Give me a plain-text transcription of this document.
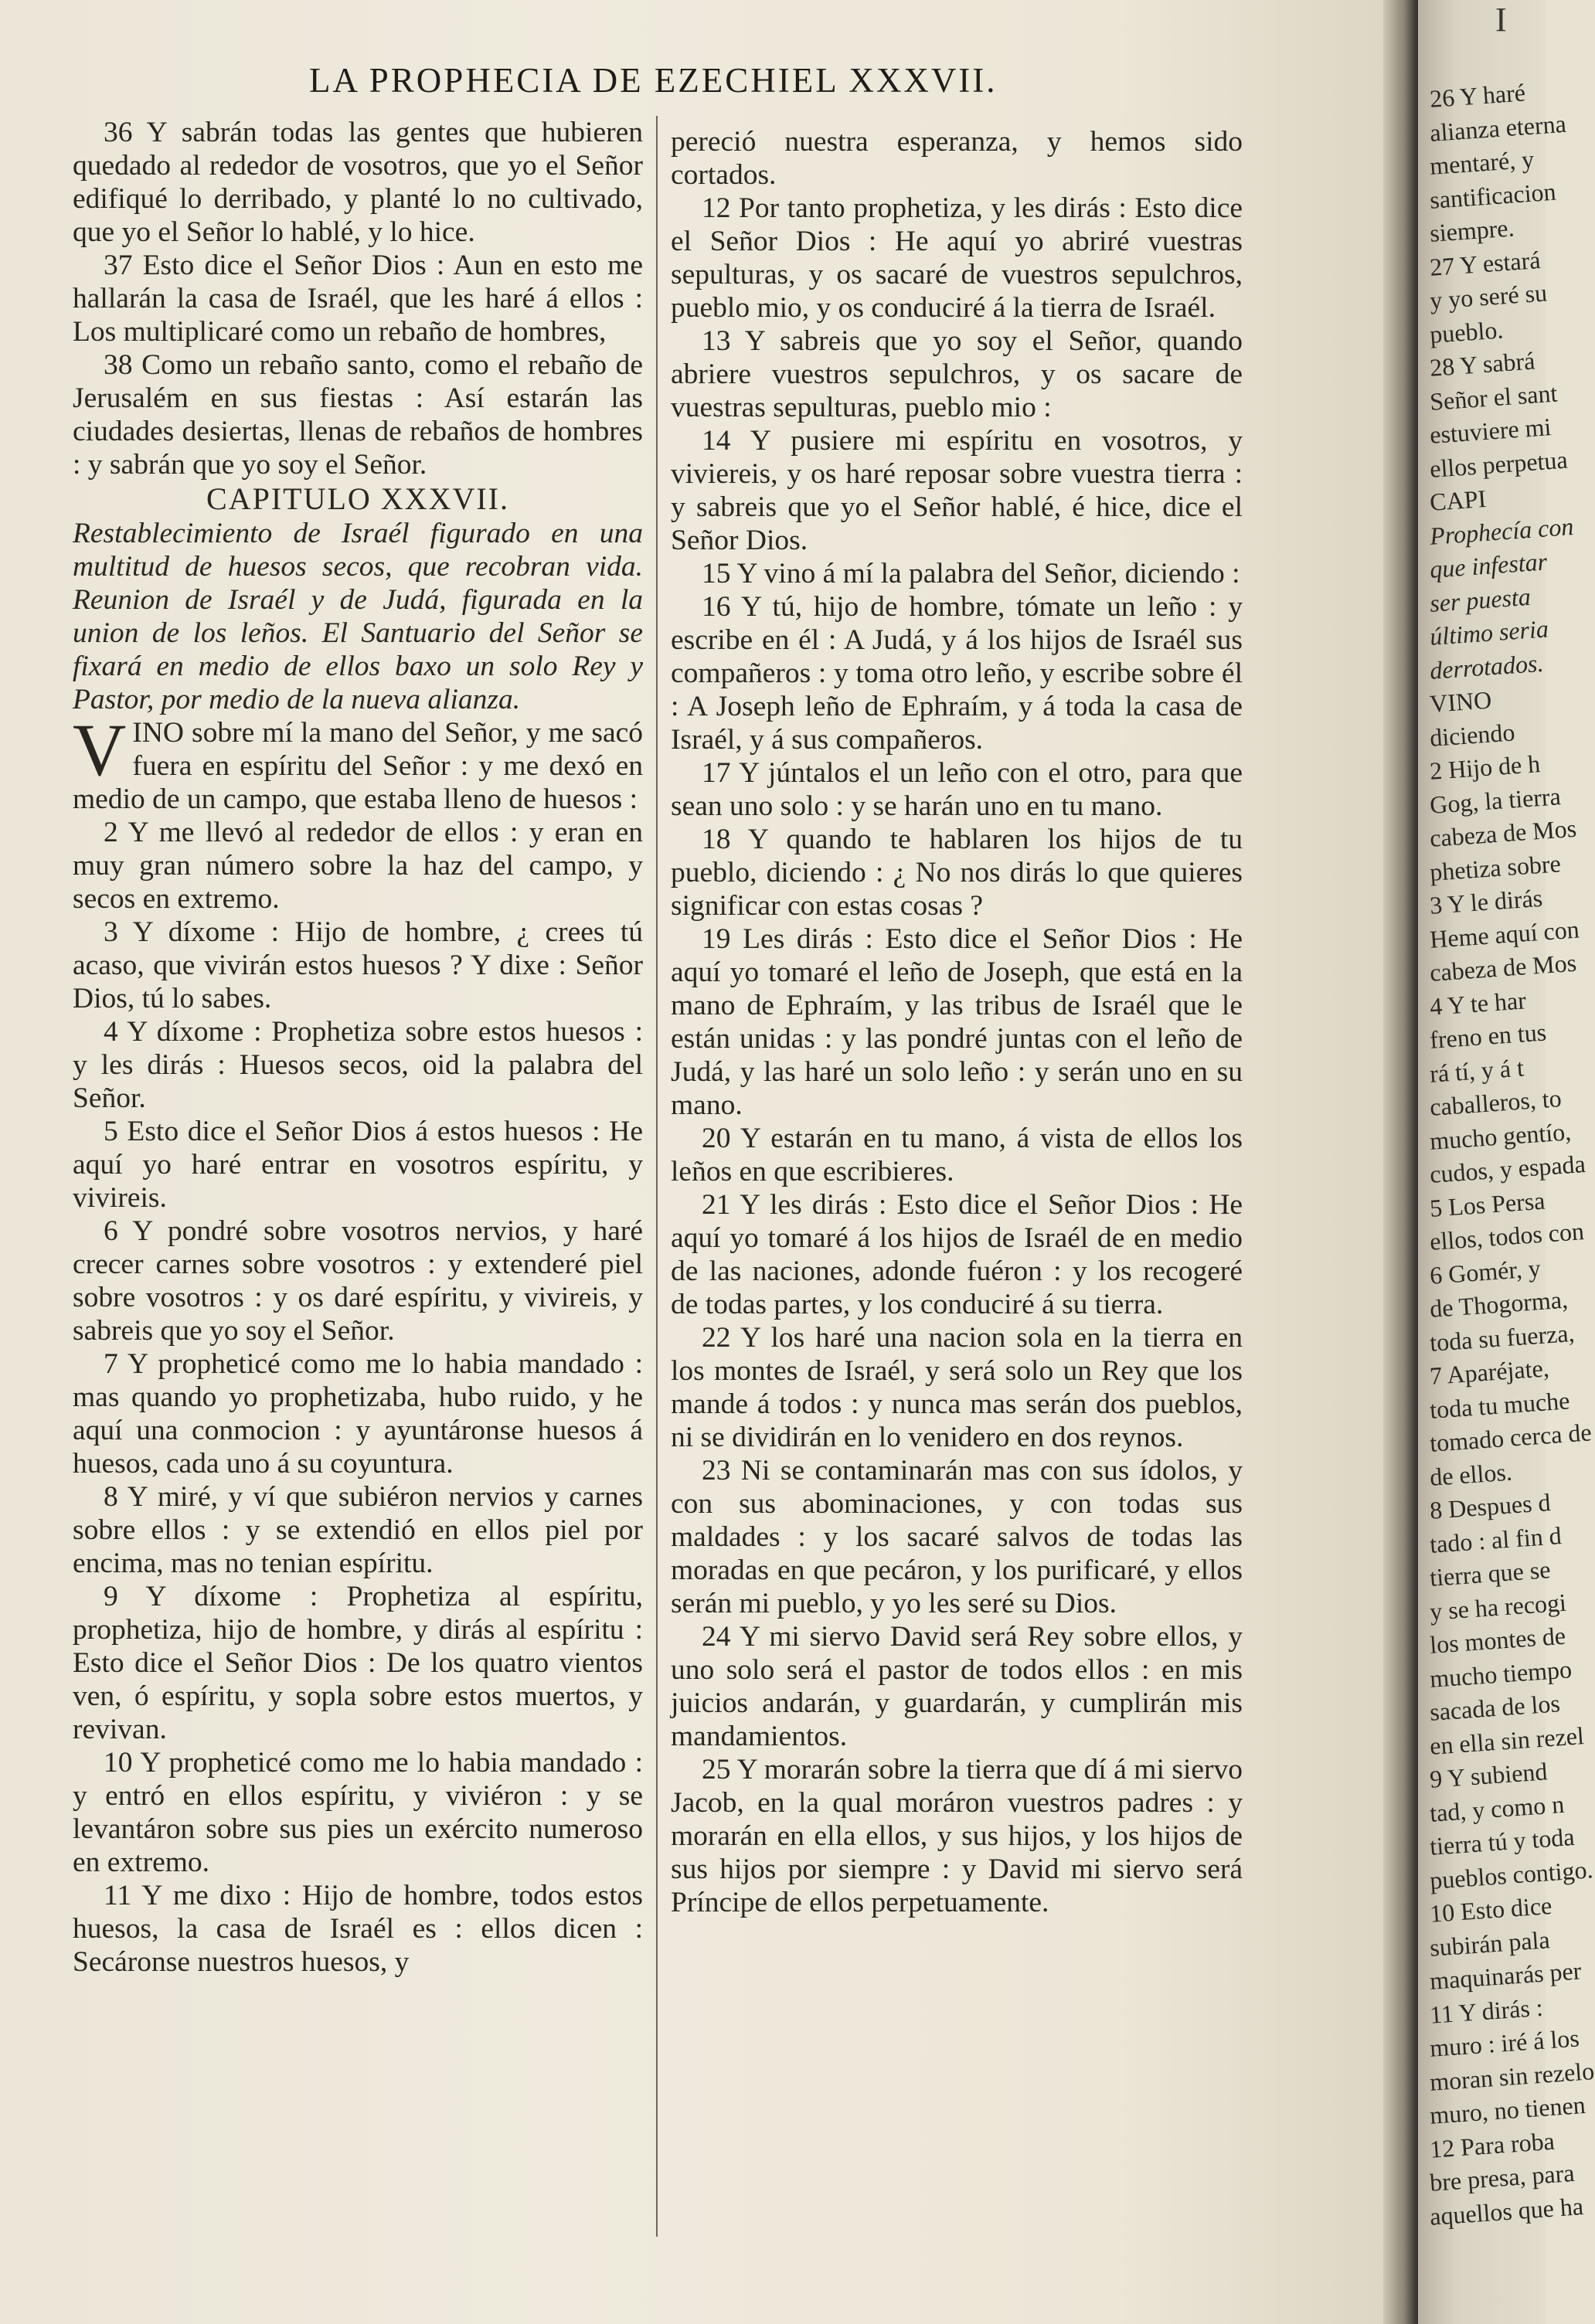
LA PROPHECIA DE EZECHIEL XXXVII.

36 Y sabrán todas las gentes que hubieren quedado al rededor de vosotros, que yo el Señor edifiqué lo derribado, y planté lo no cultivado, que yo el Señor lo hablé, y lo hice.

37 Esto dice el Señor Dios : Aun en esto me hallarán la casa de Israél, que les haré á ellos : Los multiplicaré como un rebaño de hombres,

38 Como un rebaño santo, como el rebaño de Jerusalém en sus fiestas : Así estarán las ciudades desiertas, llenas de rebaños de hombres : y sabrán que yo soy el Señor.

CAPITULO XXXVII.

Restablecimiento de Israél figurado en una multitud de huesos secos, que recobran vida. Reunion de Israél y de Judá, figurada en la union de los leños. El Santuario del Señor se fixará en medio de ellos baxo un solo Rey y Pastor, por medio de la nueva alianza.

VINO sobre mí la mano del Señor, y me sacó fuera en espíritu del Señor : y me dexó en medio de un campo, que estaba lleno de huesos :

2 Y me llevó al rededor de ellos : y eran en muy gran número sobre la haz del campo, y secos en extremo.

3 Y díxome : Hijo de hombre, ¿ crees tú acaso, que vivirán estos huesos ? Y dixe : Señor Dios, tú lo sabes.

4 Y díxome : Prophetiza sobre estos huesos : y les dirás : Huesos secos, oid la palabra del Señor.

5 Esto dice el Señor Dios á estos huesos : He aquí yo haré entrar en vosotros espíritu, y vivireis.

6 Y pondré sobre vosotros nervios, y haré crecer carnes sobre vosotros : y extenderé piel sobre vosotros : y os daré espíritu, y vivireis, y sabreis que yo soy el Señor.

7 Y propheticé como me lo habia mandado : mas quando yo prophetizaba, hubo ruido, y he aquí una conmocion : y ayuntáronse huesos á huesos, cada uno á su coyuntura.

8 Y miré, y ví que subiéron nervios y carnes sobre ellos : y se extendió en ellos piel por encima, mas no tenian espíritu.

9 Y díxome : Prophetiza al espíritu, prophetiza, hijo de hombre, y dirás al espíritu : Esto dice el Señor Dios : De los quatro vientos ven, ó espíritu, y sopla sobre estos muertos, y revivan.

10 Y propheticé como me lo habia mandado : y entró en ellos espíritu, y viviéron : y se levantáron sobre sus pies un exército numeroso en extremo.

11 Y me dixo : Hijo de hombre, todos estos huesos, la casa de Israél es : ellos dicen : Secáronse nuestros huesos, y

pereció nuestra esperanza, y hemos sido cortados.

12 Por tanto prophetiza, y les dirás : Esto dice el Señor Dios : He aquí yo abriré vuestras sepulturas, y os sacaré de vuestros sepulchros, pueblo mio, y os conduciré á la tierra de Israél.

13 Y sabreis que yo soy el Señor, quando abriere vuestros sepulchros, y os sacare de vuestras sepulturas, pueblo mio :

14 Y pusiere mi espíritu en vosotros, y viviereis, y os haré reposar sobre vuestra tierra : y sabreis que yo el Señor hablé, é hice, dice el Señor Dios.

15 Y vino á mí la palabra del Señor, diciendo :

16 Y tú, hijo de hombre, tómate un leño : y escribe en él : A Judá, y á los hijos de Israél sus compañeros : y toma otro leño, y escribe sobre él : A Joseph leño de Ephraím, y á toda la casa de Israél, y á sus compañeros.

17 Y júntalos el un leño con el otro, para que sean uno solo : y se harán uno en tu mano.

18 Y quando te hablaren los hijos de tu pueblo, diciendo : ¿ No nos dirás lo que quieres significar con estas cosas ?

19 Les dirás : Esto dice el Señor Dios : He aquí yo tomaré el leño de Joseph, que está en la mano de Ephraím, y las tribus de Israél que le están unidas : y las pondré juntas con el leño de Judá, y las haré un solo leño : y serán uno en su mano.

20 Y estarán en tu mano, á vista de ellos los leños en que escribieres.

21 Y les dirás : Esto dice el Señor Dios : He aquí yo tomaré á los hijos de Israél de en medio de las naciones, adonde fuéron : y los recogeré de todas partes, y los conduciré á su tierra.

22 Y los haré una nacion sola en la tierra en los montes de Israél, y será solo un Rey que los mande á todos : y nunca mas serán dos pueblos, ni se dividirán en lo venidero en dos reynos.

23 Ni se contaminarán mas con sus ídolos, y con sus abominaciones, y con todas sus maldades : y los sacaré salvos de todas las moradas en que pecáron, y los purificaré, y ellos serán mi pueblo, y yo les seré su Dios.

24 Y mi siervo David será Rey sobre ellos, y uno solo será el pastor de todos ellos : en mis juicios andarán, y guardarán, y cumplirán mis mandamientos.

25 Y morarán sobre la tierra que dí á mi siervo Jacob, en la qual moráron vuestros padres : y morarán en ella ellos, y sus hijos, y los hijos de sus hijos por siempre : y David mi siervo será Príncipe de ellos perpetuamente.

26 Y haré
alianza eterna
mentaré, y
santificacion
siempre.
27 Y estará
y yo seré su
pueblo.
28 Y sabrá
Señor el sant
estuviere mi
ellos perpetua
CAPI
Prophecía con
que infestar
ser puesta
último seria
derrotados.
VINO
diciendo
2 Hijo de h
Gog, la tierra
cabeza de Mos
phetiza sobre
3 Y le dirás
Heme aquí con
cabeza de Mos
4 Y te har
freno en tus
rá tí, y á t
caballeros, to
mucho gentío,
cudos, y espada
5 Los Persa
ellos, todos con
6 Gomér, y
de Thogorma,
toda su fuerza,
7 Aparéjate,
toda tu muche
tomado cerca de
de ellos.
8 Despues d
tado : al fin d
tierra que se
y se ha recogi
los montes de
mucho tiempo
sacada de los
en ella sin rezel
9 Y subiend
tad, y como n
tierra tú y toda
pueblos contigo.
10 Esto dice
subirán pala
maquinarás per
11 Y dirás :
muro : iré á los
moran sin rezelo
muro, no tienen
12 Para roba
bre presa, para
aquellos que ha
I
